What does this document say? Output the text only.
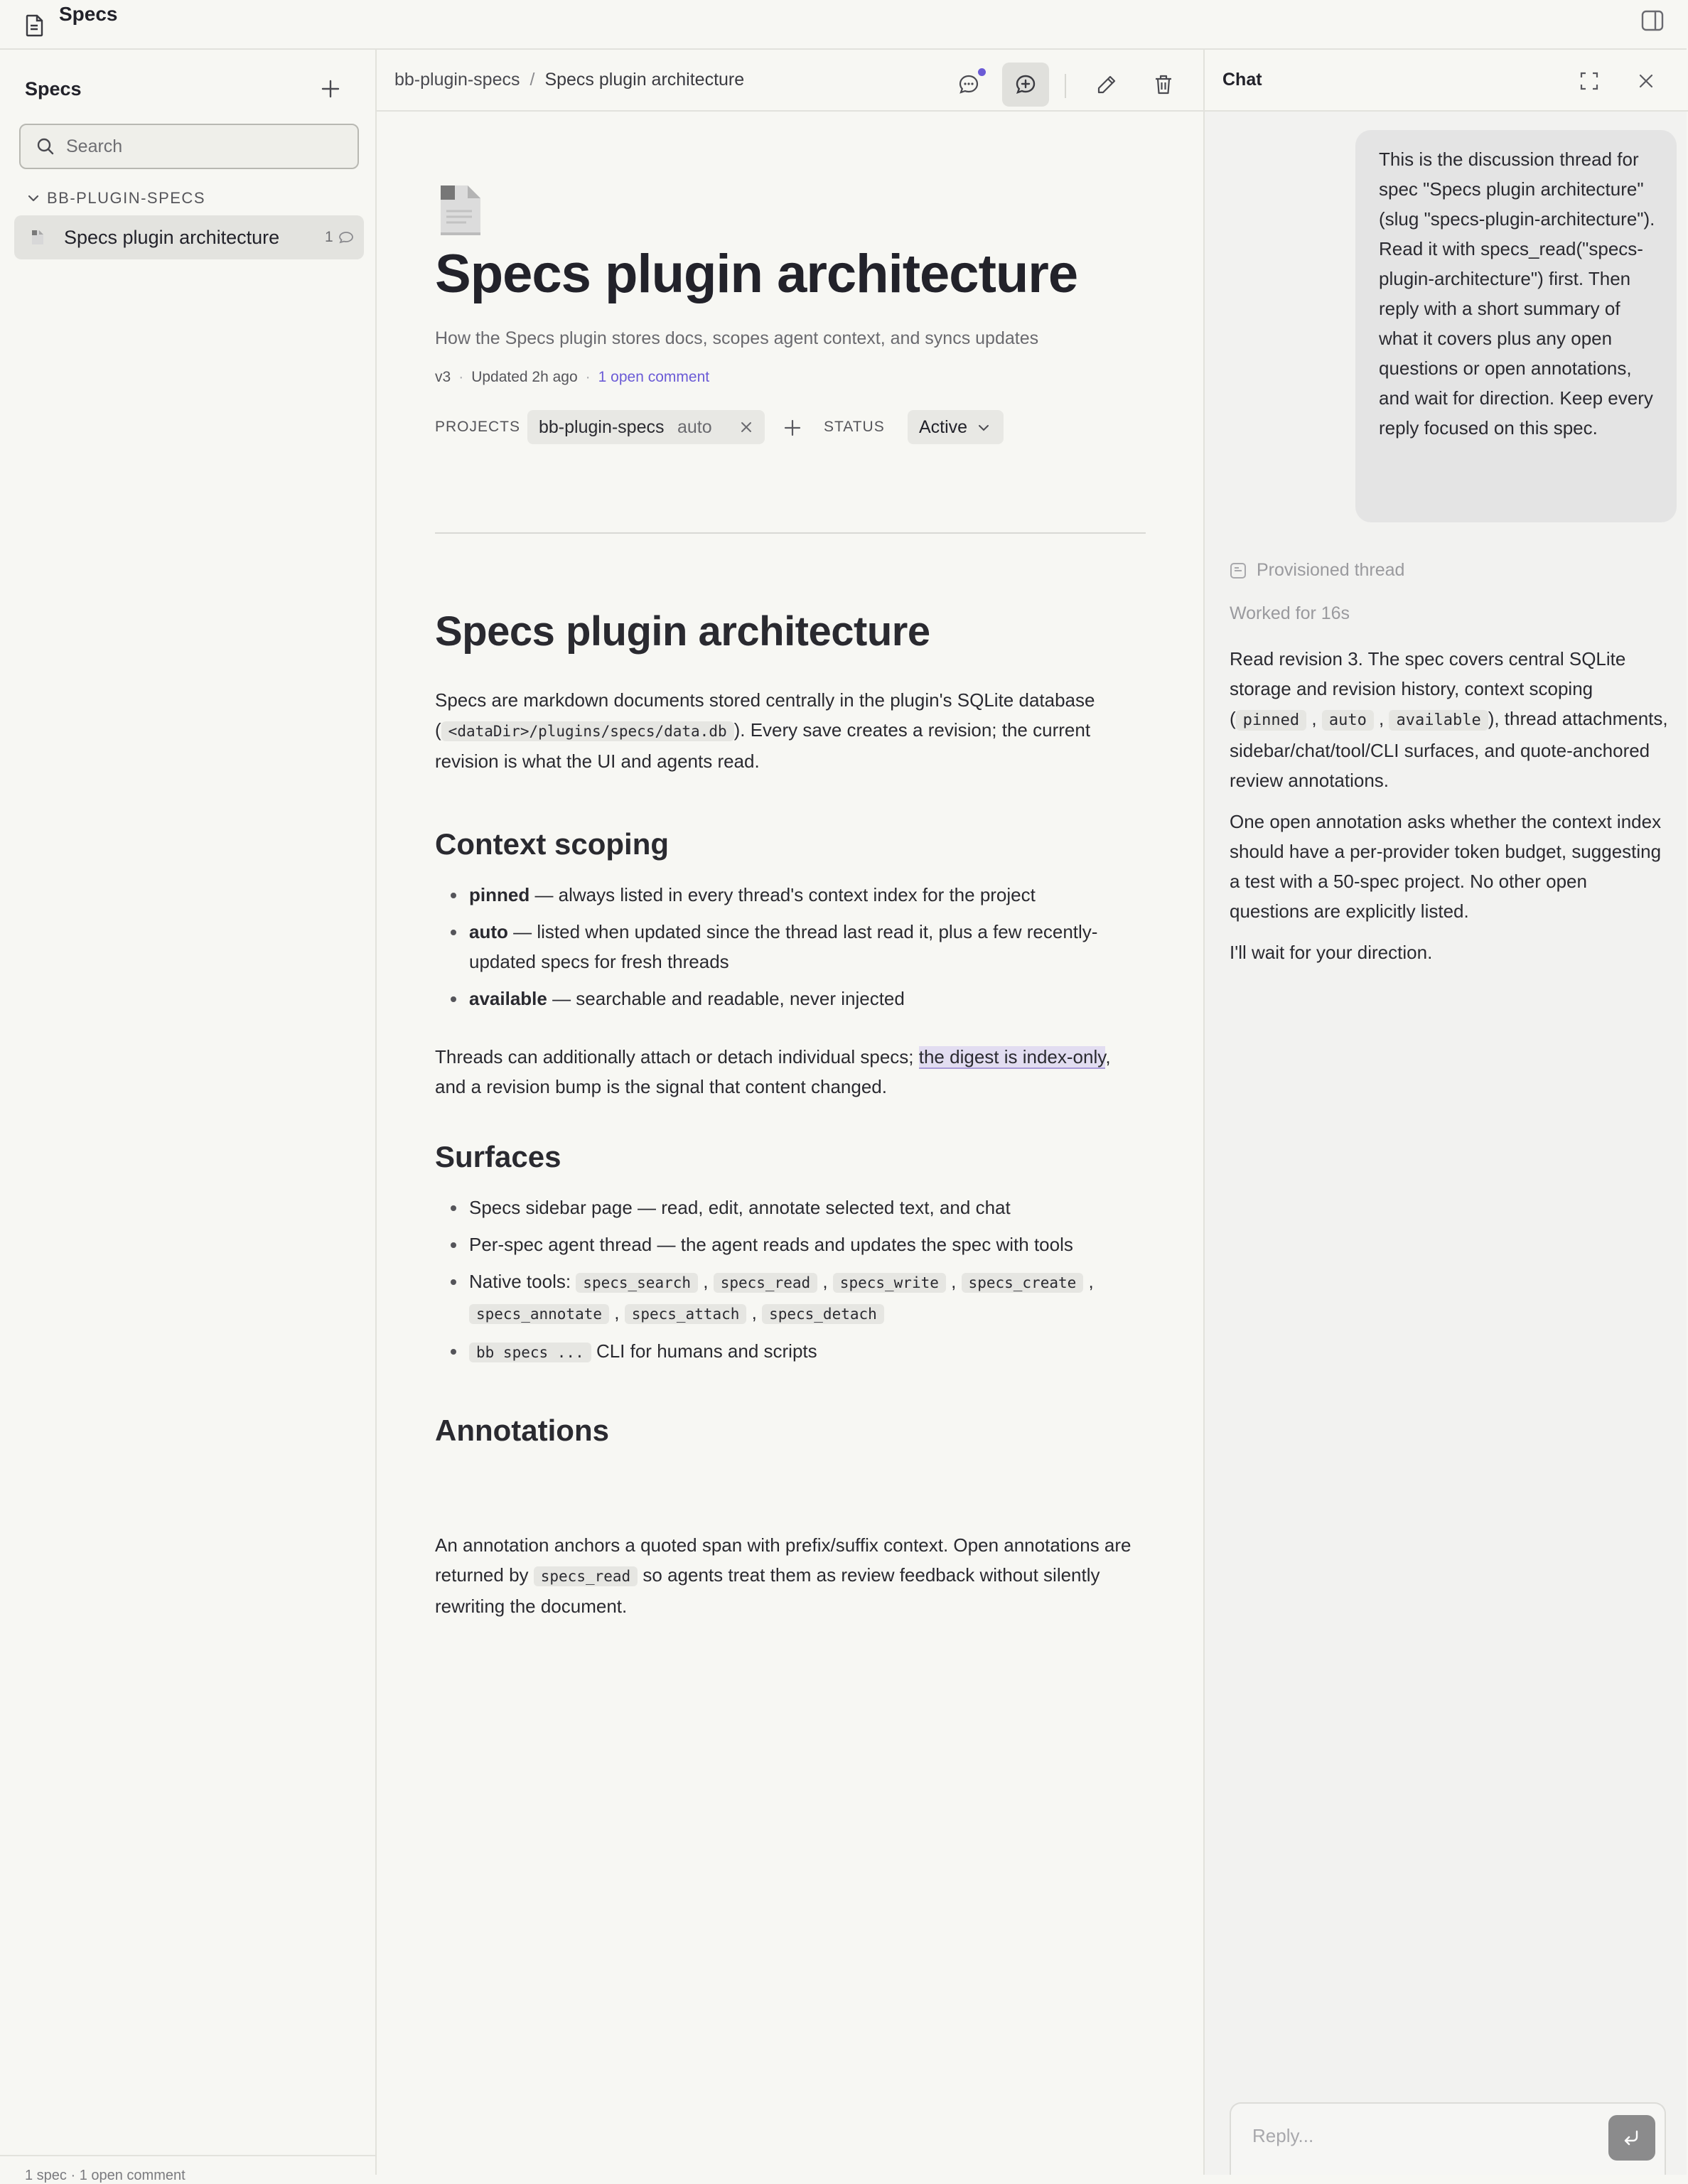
Specs
Specs
Search
BB-PLUGIN-SPECS
Specs plugin architecture	1
1 spec · 1 open comment
bb-plugin-specs / Specs plugin architecture
Specs plugin architecture
How the Specs plugin stores docs, scopes agent context, and syncs updates
v3 · Updated 2h ago · 1 open comment
PROJECTS bb-plugin-specs auto	STATUS Active
Specs plugin architecture

Specs are markdown documents stored centrally in the plugin's SQLite database ( <dataDir>/plugins/specs/data.db ). Every save creates a revision; the current revision is what the UI and agents read.

Context scoping
pinned — always listed in every thread's context index for the project
auto — listed when updated since the thread last read it, plus a few recently-updated specs for fresh threads
available — searchable and readable, never injected

Threads can additionally attach or detach individual specs; the digest is index-only, and a revision bump is the signal that content changed.

Surfaces
Specs sidebar page — read, edit, annotate selected text, and chat
Per-spec agent thread — the agent reads and updates the spec with tools
Native tools: specs_search , specs_read , specs_write , specs_create , specs_annotate , specs_attach , specs_detach
bb specs ... CLI for humans and scripts
Annotations

An annotation anchors a quoted span with prefix/suffix context. Open annotations are returned by specs_read so agents treat them as review feedback without silently rewriting the document.

Chat
This is the discussion thread for spec "Specs plugin architecture" (slug "specs-plugin-architecture"). Read it with specs_read("specs-plugin-architecture") first. Then reply with a short summary of what it covers plus any open questions or open annotations, and wait for direction. Keep every reply focused on this spec.
Provisioned thread
Worked for 16s

Read revision 3. The spec covers central SQLite storage and revision history, context scoping ( pinned , auto , available ), thread attachments, sidebar/chat/tool/CLI surfaces, and quote-anchored review annotations.

One open annotation asks whether the context index should have a per-provider token budget, suggesting a test with a 50-spec project. No other open questions are explicitly listed.

I'll wait for your direction.

Reply...
